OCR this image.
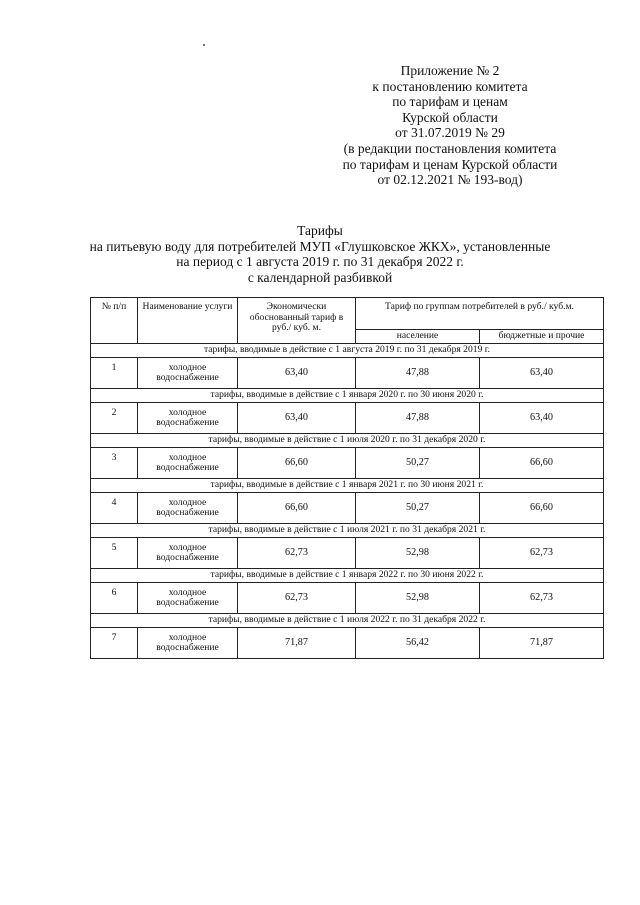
Приложение № 2
к постановлению комитета
по тарифам и ценам
Курской области
от 31.07.2019 № 29
(в редакции постановления комитета
по тарифам и ценам Курской области
от 02.12.2021 № 193-вод)
Тарифы
на питьевую воду для потребителей МУП «Глушковское ЖКХ», установленные
на период с 1 августа 2019 г. по 31 декабря 2022 г.
с календарной разбивкой
№ п/п	Наименование услуги	Экономически обоснованный тариф в руб./ куб. м.	Тариф по группам потребителей в руб./ куб.м.	
			население	бюджетные и прочие
тарифы, вводимые в действие с 1 августа 2019 г. по 31 декабря 2019 г.				
1	холодное водоснабжение	63,40	47,88	63,40
тарифы, вводимые в действие с 1 января 2020 г. по 30 июня 2020 г.				
2	холодное водоснабжение	63,40	47,88	63,40
тарифы, вводимые в действие с 1 июля 2020 г. по 31 декабря 2020 г.				
3	холодное водоснабжение	66,60	50,27	66,60
тарифы, вводимые в действие с 1 января 2021 г. по 30 июня 2021 г.				
4	холодное водоснабжение	66,60	50,27	66,60
тарифы, вводимые в действие с 1 июля 2021 г. по 31 декабря 2021 г.				
5	холодное водоснабжение	62,73	52,98	62,73
тарифы, вводимые в действие с 1 января 2022 г. по 30 июня 2022 г.				
6	холодное водоснабжение	62,73	52,98	62,73
тарифы, вводимые в действие с 1 июля 2022 г. по 31 декабря 2022 г.				
7	холодное водоснабжение	71,87	56,42	71,87
